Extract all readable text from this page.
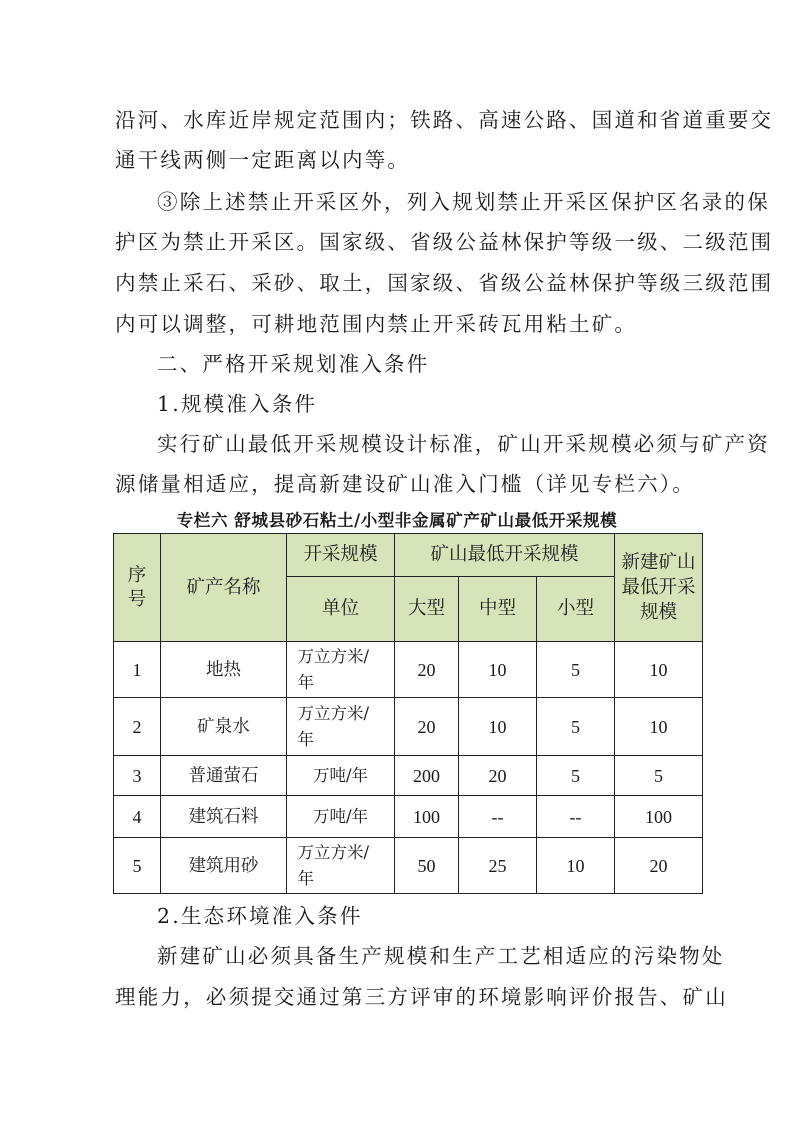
沿河、水库近岸规定范围内；铁路、高速公路、国道和省道重要交
通干线两侧一定距离以内等。
③除上述禁止开采区外，列入规划禁止开采区保护区名录的保
护区为禁止开采区。国家级、省级公益林保护等级一级、二级范围
内禁止采石、采砂、取土，国家级、省级公益林保护等级三级范围
内可以调整，可耕地范围内禁止开采砖瓦用粘土矿。
二、严格开采规划准入条件
1.规模准入条件
实行矿山最低开采规模设计标准，矿山开采规模必须与矿产资
源储量相适应，提高新建设矿山准入门槛（详见专栏六）。
专栏六 舒城县砂石粘土/小型非金属矿产矿山最低开采规模
序号	矿产名称	开采规模	矿山最低开采规模			新建矿山最低开采规模

		单位	大型	中型	小型	
1	地热	万立方米/年	20	10	5	10
2	矿泉水	万立方米/年	20	10	5	10
3	普通萤石	万吨/年	200	20	5	5
4	建筑石料	万吨/年	100	--	--	100
5	建筑用砂	万立方米/年	50	25	10	20
2.生态环境准入条件
新建矿山必须具备生产规模和生产工艺相适应的污染物处
理能力，必须提交通过第三方评审的环境影响评价报告、矿山
